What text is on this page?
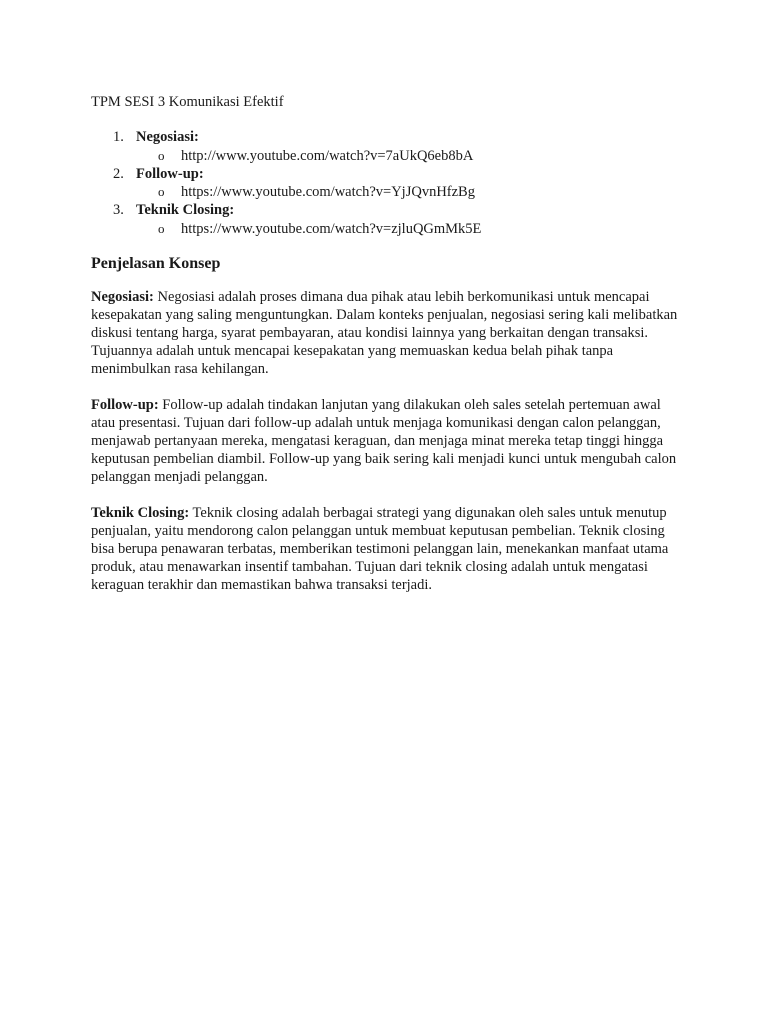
TPM SESI 3 Komunikasi Efektif
1. Negosiasi:
o http://www.youtube.com/watch?v=7aUkQ6eb8bA
2. Follow-up:
o https://www.youtube.com/watch?v=YjJQvnHfzBg
3. Teknik Closing:
o https://www.youtube.com/watch?v=zjluQGmMk5E
Penjelasan Konsep

Negosiasi: Negosiasi adalah proses dimana dua pihak atau lebih berkomunikasi untuk mencapai kesepakatan yang saling menguntungkan. Dalam konteks penjualan, negosiasi sering kali melibatkan diskusi tentang harga, syarat pembayaran, atau kondisi lainnya yang berkaitan dengan transaksi. Tujuannya adalah untuk mencapai kesepakatan yang memuaskan kedua belah pihak tanpa menimbulkan rasa kehilangan.

Follow-up: Follow-up adalah tindakan lanjutan yang dilakukan oleh sales setelah pertemuan awal atau presentasi. Tujuan dari follow-up adalah untuk menjaga komunikasi dengan calon pelanggan, menjawab pertanyaan mereka, mengatasi keraguan, dan menjaga minat mereka tetap tinggi hingga keputusan pembelian diambil. Follow-up yang baik sering kali menjadi kunci untuk mengubah calon pelanggan menjadi pelanggan.

Teknik Closing: Teknik closing adalah berbagai strategi yang digunakan oleh sales untuk menutup penjualan, yaitu mendorong calon pelanggan untuk membuat keputusan pembelian. Teknik closing bisa berupa penawaran terbatas, memberikan testimoni pelanggan lain, menekankan manfaat utama produk, atau menawarkan insentif tambahan. Tujuan dari teknik closing adalah untuk mengatasi keraguan terakhir dan memastikan bahwa transaksi terjadi.
